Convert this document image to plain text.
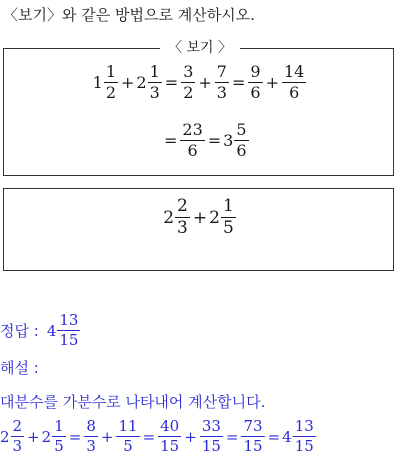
〈보기〉와 같은 방법으로 계산하시오.
〈 보기 〉
$1 \frac{1}{2} + 2 \frac{1}{3} = \frac{3}{2} + \frac{7}{3} = \frac{9}{6} + \frac{14}{6}$
= $\frac{23}{6} = 3 \frac{5}{6}$
$2 \frac{2}{3} + 2 \frac{1}{5}$
정답 : $4 \frac{13}{15}$
해설 :
대분수를 가분수로 나타내어 계산합니다.
$2 \frac{2}{3} + 2 \frac{1}{5} = \frac{8}{3} + \frac{11}{5} = \frac{40}{15} + \frac{33}{15} = \frac{73}{15} = 4 \frac{13}{15}$
